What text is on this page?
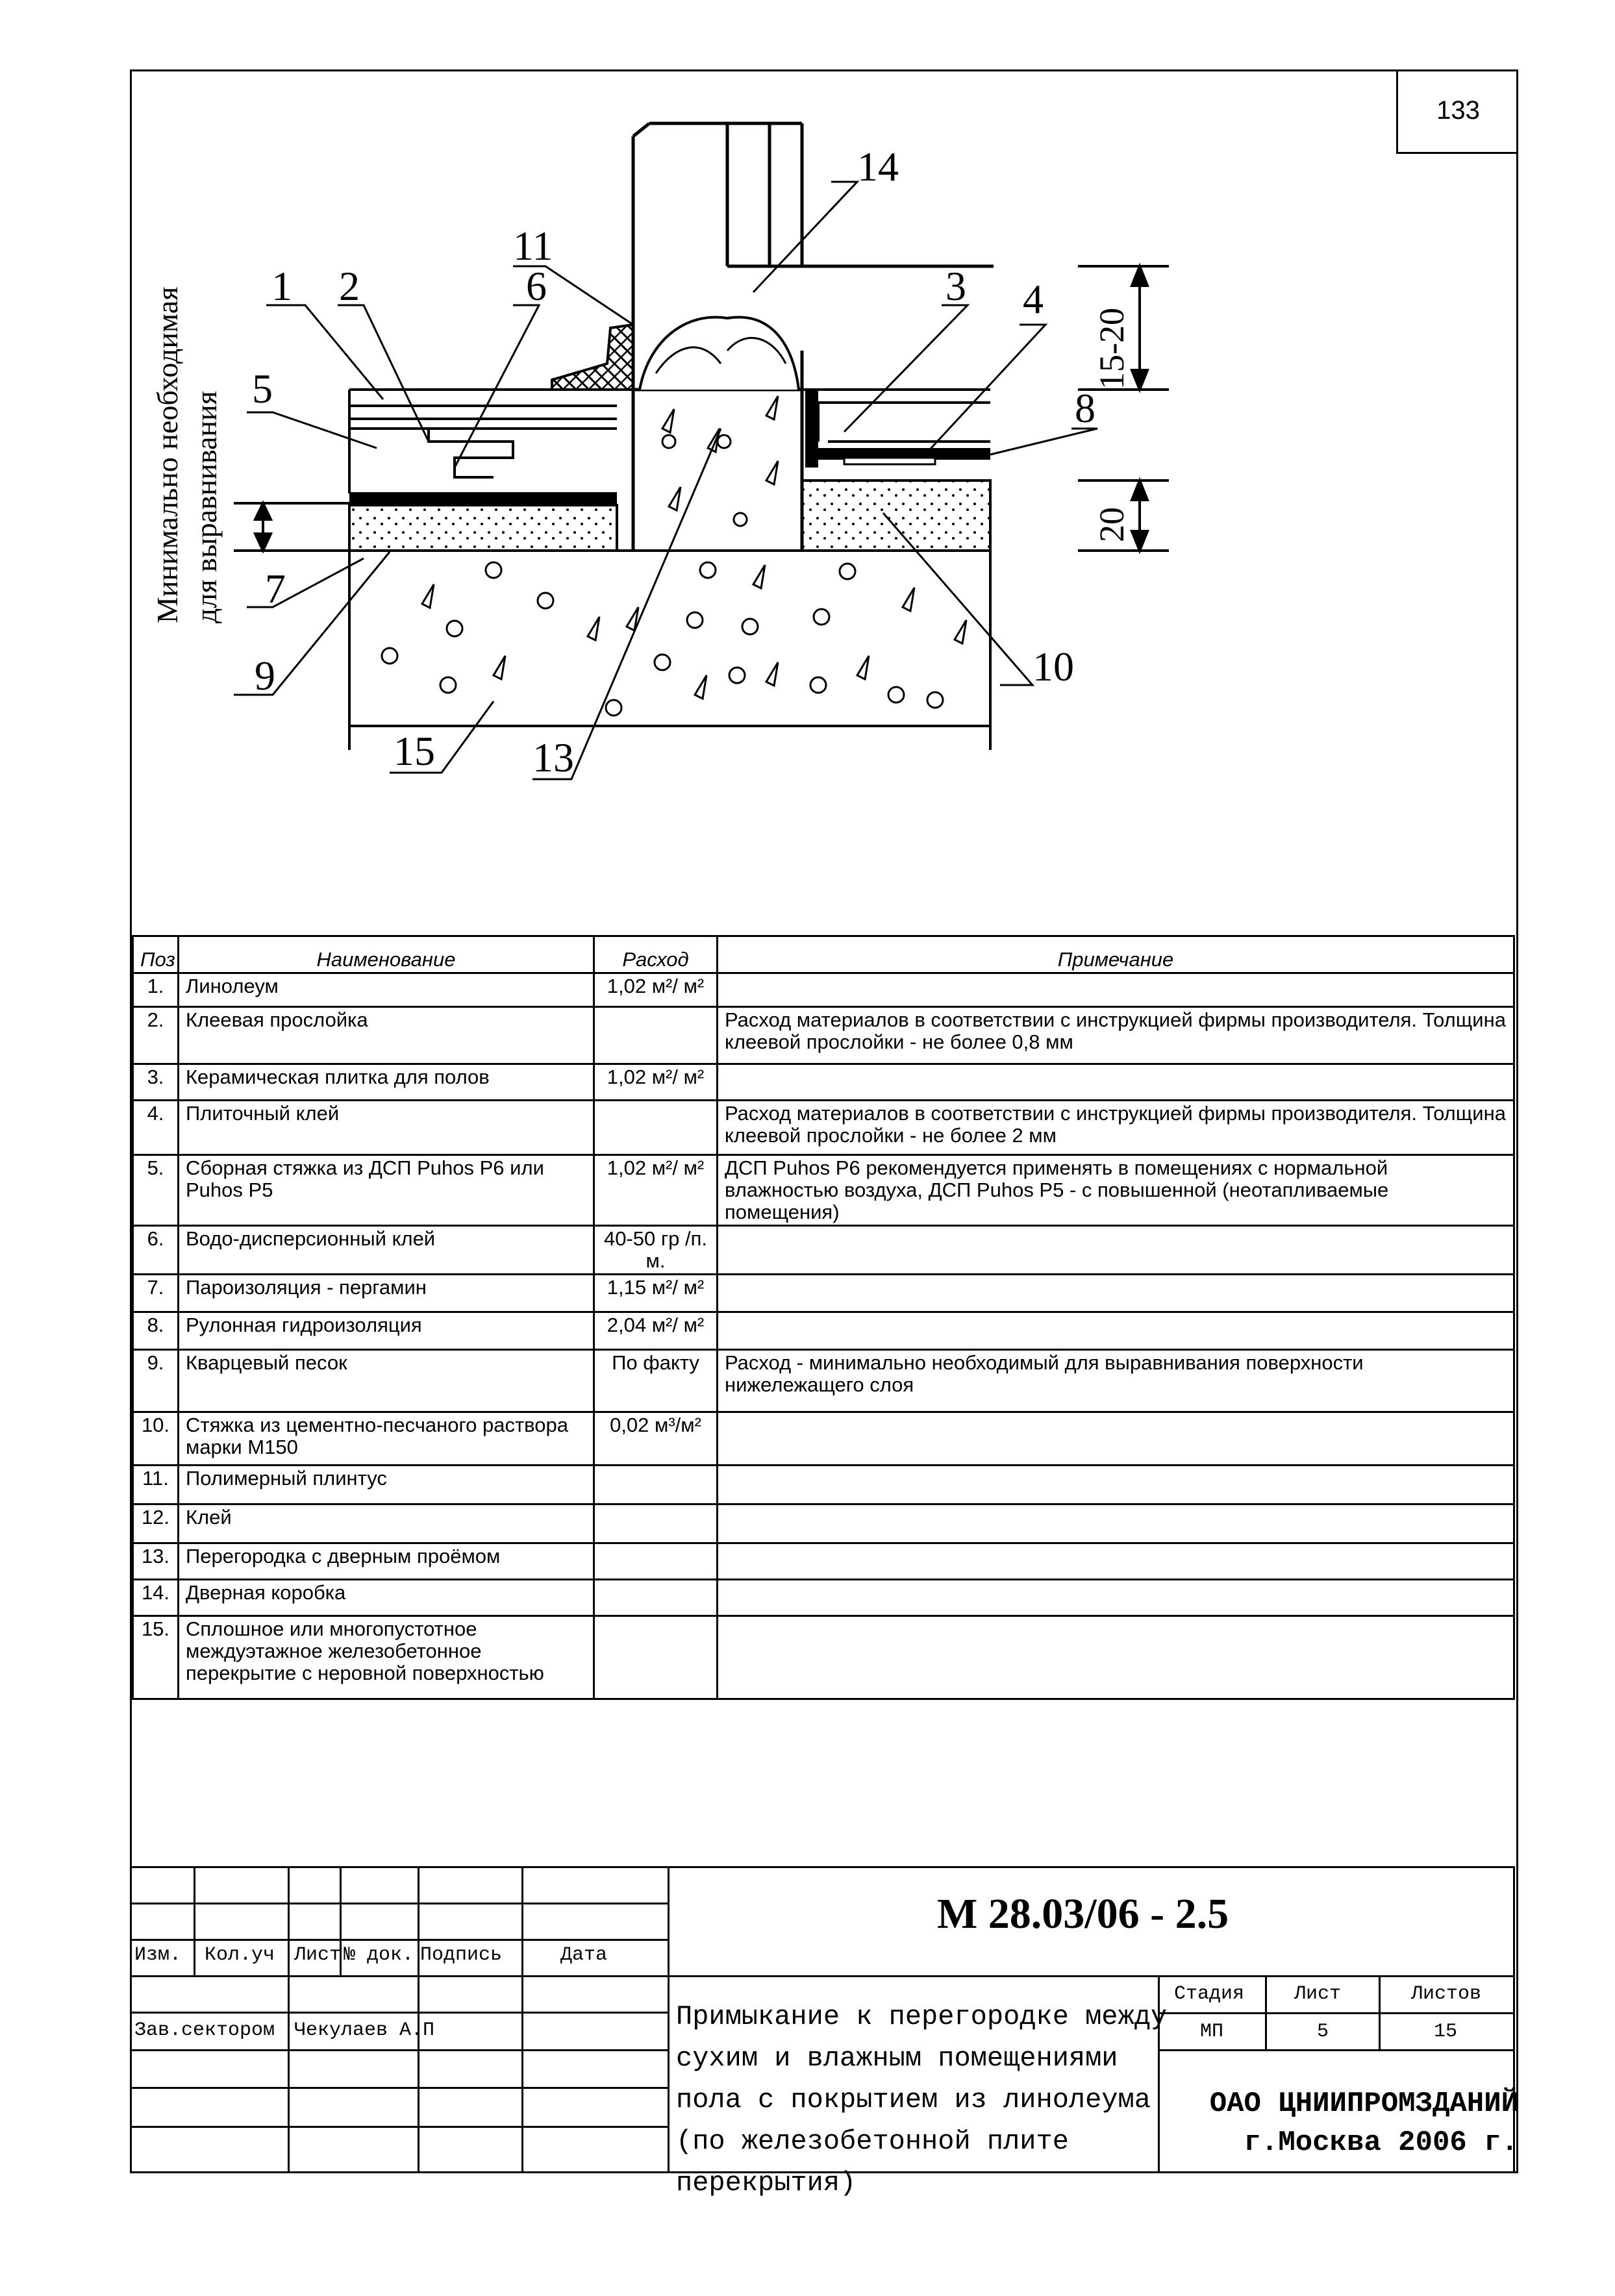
133
Минимально необходимая для выравнивания
15-20
20
1 2	3 4
5
6
7
8
9	10
11
13
14
15
Поз	Наименование	Расход	Примечание
1.	Линолеум	1,02 м²/ м²	
2.	Клеевая прослойка		Расход материалов в соответствии с инструкцией фирмы производителя. Толщина клеевой прослойки - не более 0,8 мм
3.	Керамическая плитка для полов	1,02 м²/ м²	
4.	Плиточный клей		Расход материалов в соответствии с инструкцией фирмы производителя. Толщина клеевой прослойки - не более 2 мм
5.	Сборная стяжка из ДСП Puhos P6 или Puhos P5	1,02 м²/ м²	ДСП Puhos P6 рекомендуется применять в помещениях с нормальной влажностью воздуха, ДСП Puhos P5 - с повышенной (неотапливаемые помещения)
6.	Водо-дисперсионный клей	40-50 гр /п. м.	
7.	Пароизоляция - пергамин	1,15 м²/ м²	
8.	Рулонная гидроизоляция	2,04 м²/ м²	
9.	Кварцевый песок	По факту	Расход - минимально необходимый для выравнивания поверхности нижележащего слоя
10.	Стяжка из цементно-песчаного раствора марки М150	0,02 м³/м²	
11.	Полимерный плинтус		
12.	Клей		
13.	Перегородка с дверным проёмом		
14.	Дверная коробка		
15.	Сплошное или многопустотное междуэтажное железобетонное перекрытие с неровной поверхностью		
Изм. Кол.уч Лист № док. Подпись	Дата
Зав.сектором Чекулаев А.П
М 28.03/06 - 2.5
Примыкание к перегородке между сухим и влажным помещениями пола с покрытием из линолеума (по железобетонной плите перекрытия)
Стадия	Лист	Листов
МП	5	15
ОАО ЦНИИПРОМЗДАНИЙ
г.Москва 2006 г.
